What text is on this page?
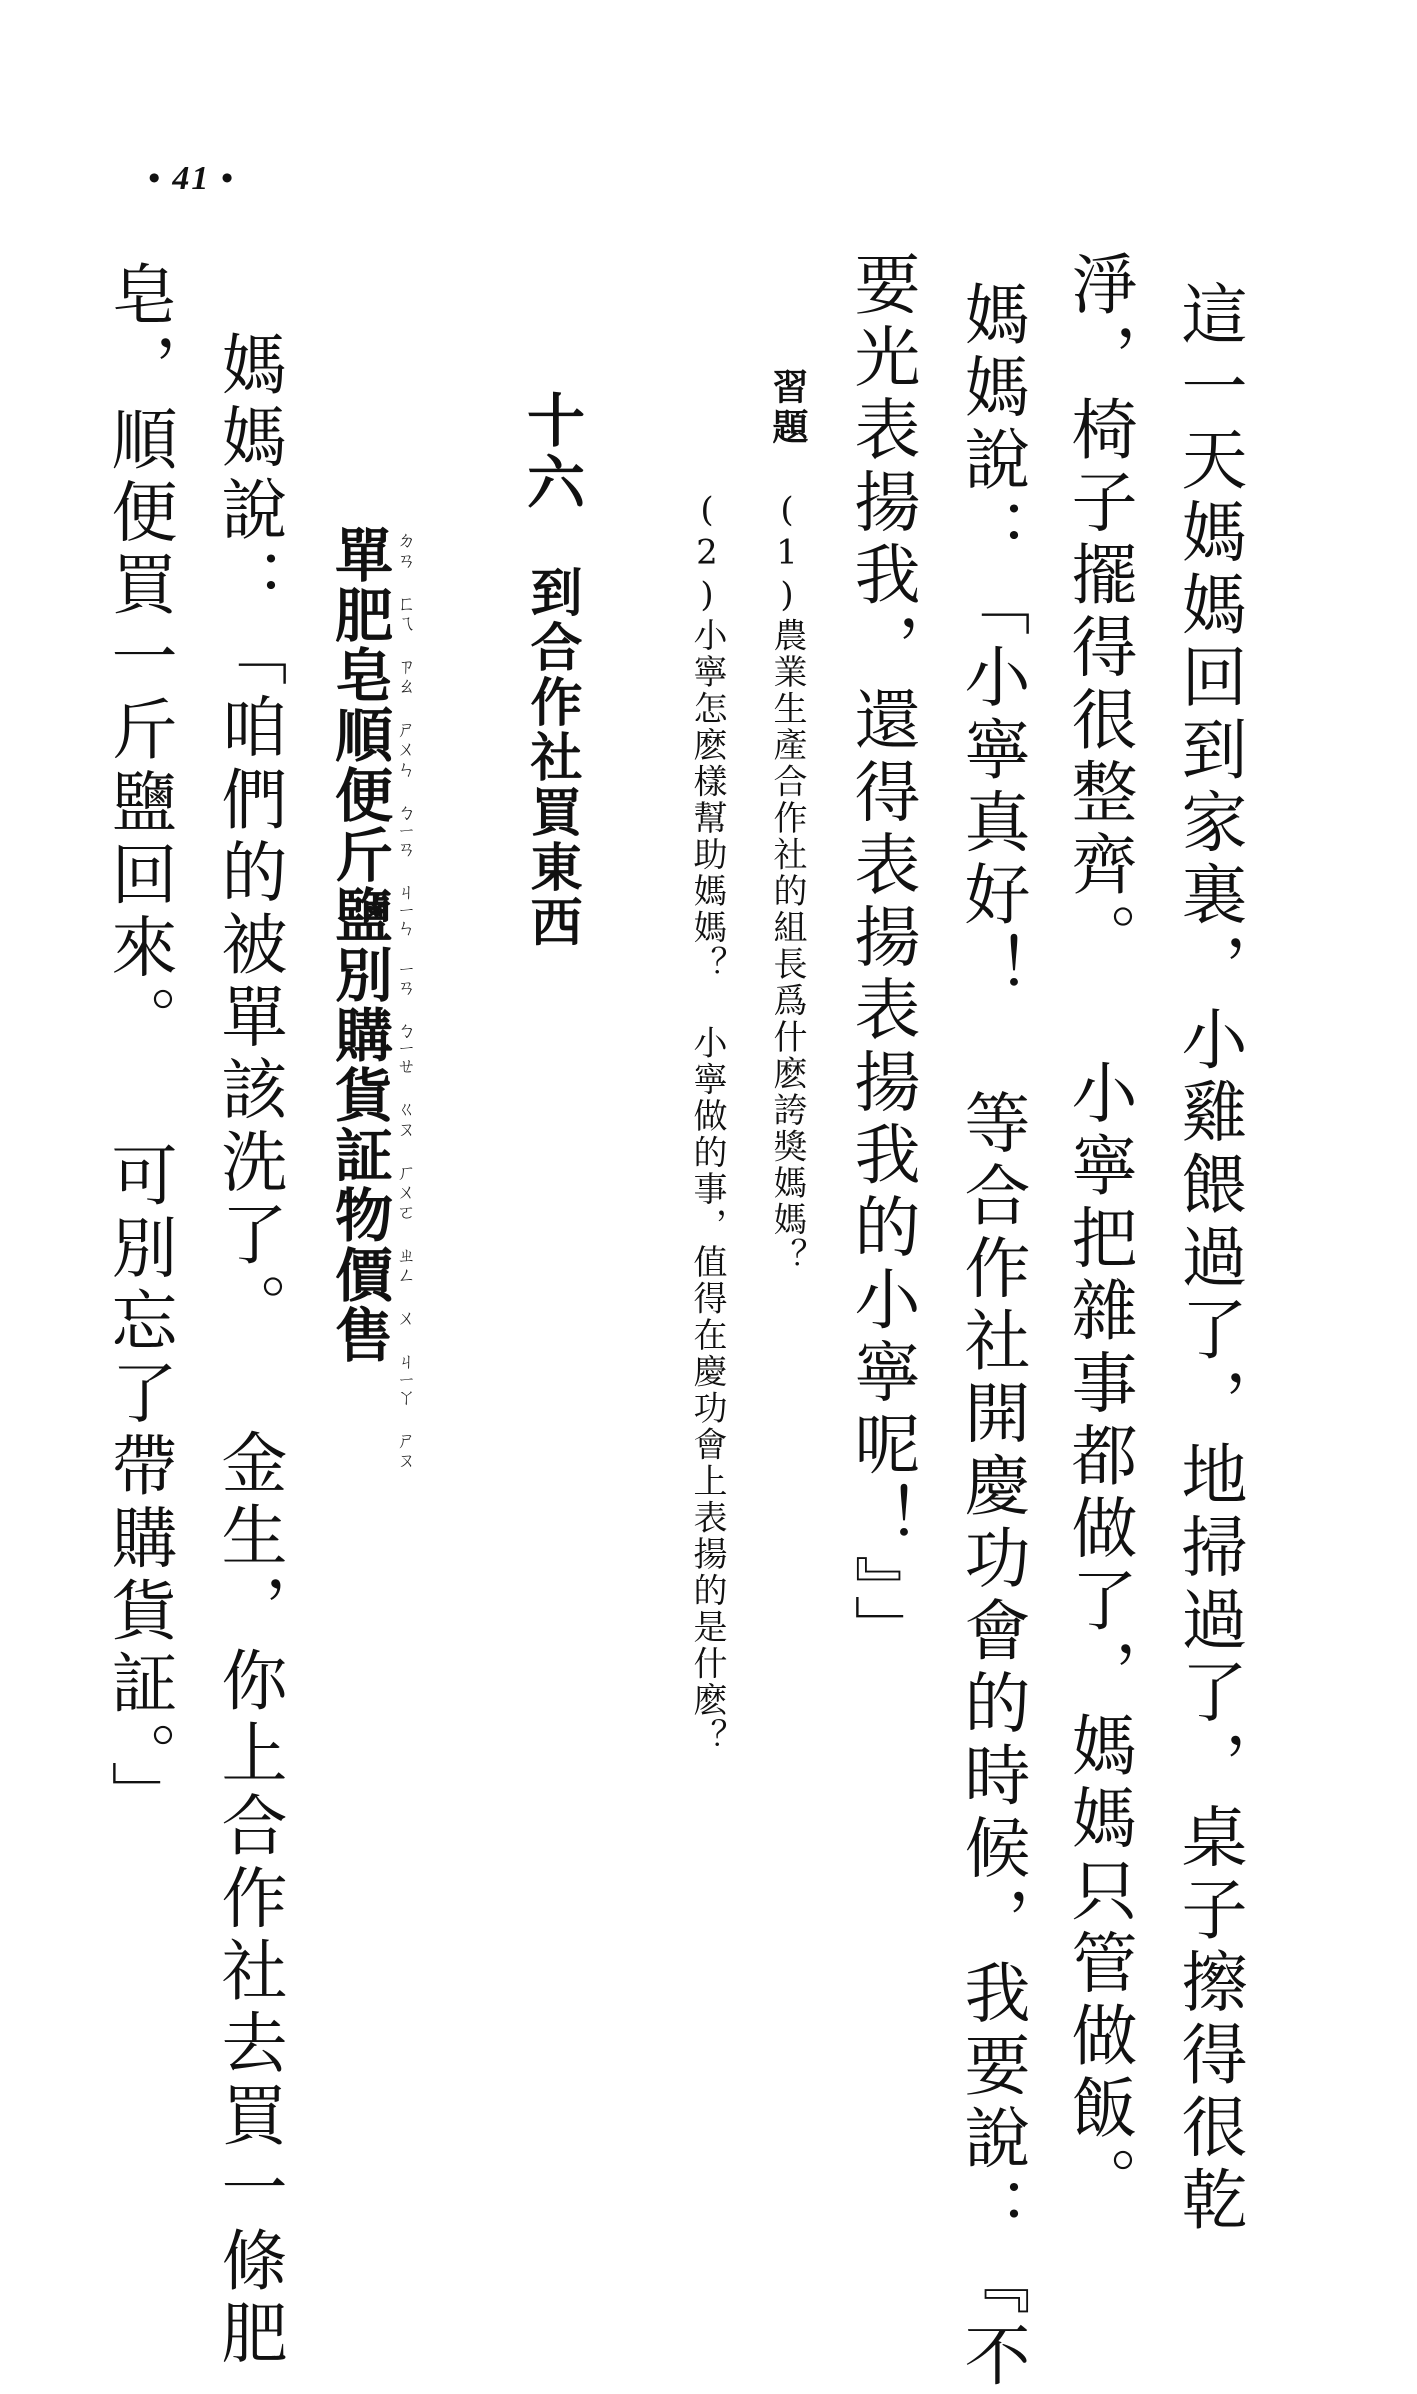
• 41 •
這一天媽媽回到家裏，小雞餵過了，地掃過了，桌子擦得很乾
淨，椅子擺得很整齊。 小寧把雜事都做了，媽媽只管做飯。
媽媽說：「小寧真好！ 等合作社開慶功會的時候，我要說：『不
要光表揚我，還得表揚表揚我的小寧呢！』」
習題
(1)農業生產合作社的組長爲什麽誇獎媽媽？
(2)小寧怎麽樣幫助媽媽？ 小寧做的事，值得在慶功會上表揚的是什麽？
十六
到合作社買東西
ㄉㄢ ㄈㄟ ㄗㄠ ㄕㄨㄣ ㄅㄧㄢ ㄐㄧㄣ ㄧㄢ ㄅㄧㄝ ㄍㄡ ㄏㄨㄛ ㄓㄥ ㄨ ㄐㄧㄚ ㄕㄡ
單肥皂順便斤鹽別購貨証物價售
媽媽說：「咱們的被單該洗了。 金生，你上合作社去買一條肥
皂，順便買一斤鹽回來。 可別忘了帶購貨証。」
